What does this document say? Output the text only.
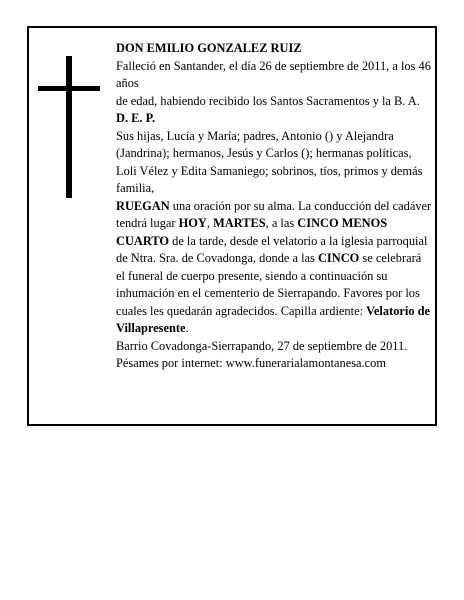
DON EMILIO GONZALEZ RUIZ

Falleció en Santander, el día 26 de septiembre de 2011, a los 46 años

de edad, habiendo recibido los Santos Sacramentos y la B. A.

D. E. P.

Sus hijas, Lucía y María; padres, Antonio () y Alejandra (Jandrina); hermanos, Jesús y Carlos (); hermanas políticas, Loli Vélez y Edita Samaniego; sobrinos, tíos, primos y demás familia,

RUEGAN una oración por su alma. La conducción del cadáver tendrá lugar HOY, MARTES, a las CINCO MENOS CUARTO de la tarde, desde el velatorio a la iglesia parroquial de Ntra. Sra. de Covadonga, donde a las CINCO se celebrará el funeral de cuerpo presente, siendo a continuación su inhumación en el cementerio de Sierrapando. Favores por los cuales les quedarán agradecidos. Capilla ardiente: Velatorio de Villapresente.

Barrio Covadonga-Sierrapando, 27 de septiembre de 2011.

Pésames por internet: www.funerarialamontanesa.com
